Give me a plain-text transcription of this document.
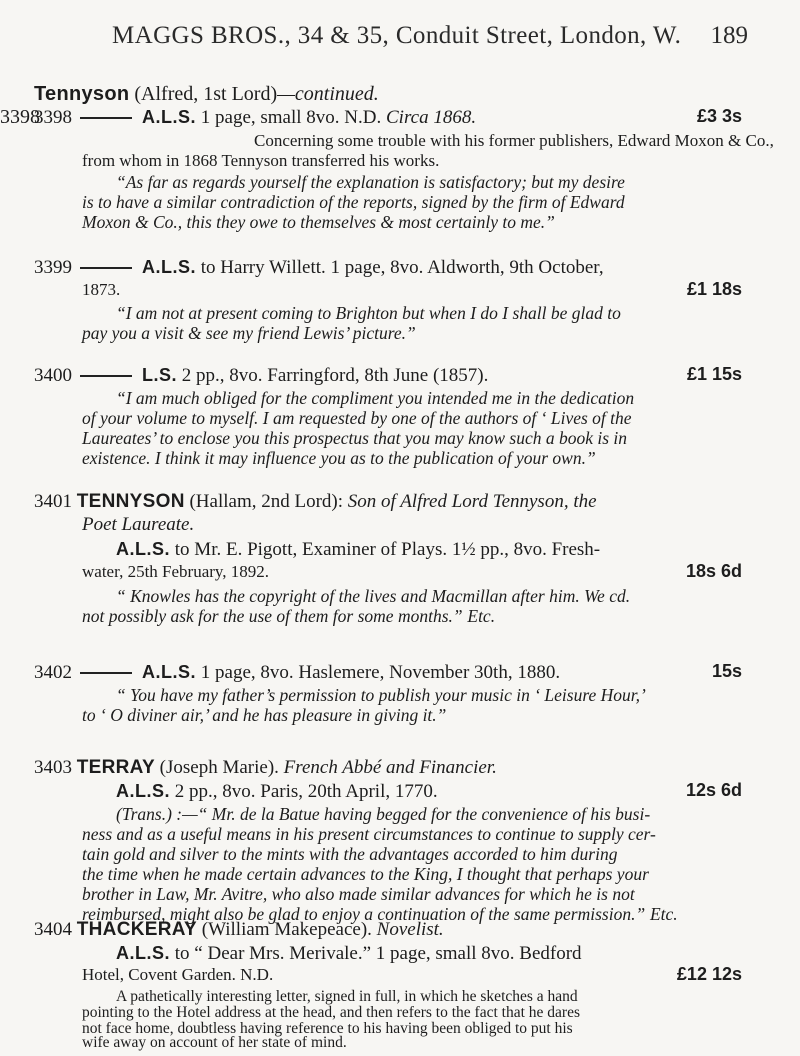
MAGGS BROS., 34 & 35, Conduit Street, London, W. 189
Tennyson (Alfred, 1st Lord)—continued.
3398
3398	A.L.S. 1 page, small 8vo. N.D. Circa 1868.	£3 3s
Concerning some trouble with his former publishers, Edward Moxon & Co.,
from whom in 1868 Tennyson transferred his works.
“As far as regards yourself the explanation is satisfactory; but my desire
is to have a similar contradiction of the reports, signed by the firm of Edward
Moxon & Co., this they owe to themselves & most certainly to me.”
3399	A.L.S. to Harry Willett. 1 page, 8vo. Aldworth, 9th October,
1873.	£1 18s
“I am not at present coming to Brighton but when I do I shall be glad to
pay you a visit & see my friend Lewis’ picture.”
3400	L.S. 2 pp., 8vo. Farringford, 8th June (1857).	£1 15s
“I am much obliged for the compliment you intended me in the dedication
of your volume to myself. I am requested by one of the authors of ‘ Lives of the
Laureates’ to enclose you this prospectus that you may know such a book is in
existence. I think it may influence you as to the publication of your own.”
3401 TENNYSON (Hallam, 2nd Lord): Son of Alfred Lord Tennyson, the
Poet Laureate.
A.L.S. to Mr. E. Pigott, Examiner of Plays. 1½ pp., 8vo. Fresh-
water, 25th February, 1892.	18s 6d
“ Knowles has the copyright of the lives and Macmillan after him. We cd.
not possibly ask for the use of them for some months.” Etc.
3402	A.L.S. 1 page, 8vo. Haslemere, November 30th, 1880.	15s
“ You have my father’s permission to publish your music in ‘ Leisure Hour,’
to ‘ O diviner air,’ and he has pleasure in giving it.”
3403 TERRAY (Joseph Marie). French Abbé and Financier.
A.L.S. 2 pp., 8vo. Paris, 20th April, 1770.	12s 6d
(Trans.) :—“ Mr. de la Batue having begged for the convenience of his busi-
ness and as a useful means in his present circumstances to continue to supply cer-
tain gold and silver to the mints with the advantages accorded to him during
the time when he made certain advances to the King, I thought that perhaps your
brother in Law, Mr. Avitre, who also made similar advances for which he is not
reimbursed, might also be glad to enjoy a continuation of the same permission.” Etc.
3404 THACKERAY (William Makepeace). Novelist.
A.L.S. to “ Dear Mrs. Merivale.” 1 page, small 8vo. Bedford
Hotel, Covent Garden. N.D.	£12 12s
A pathetically interesting letter, signed in full, in which he sketches a hand
pointing to the Hotel address at the head, and then refers to the fact that he dares
not face home, doubtless having reference to his having been obliged to put his
wife away on account of her state of mind.
